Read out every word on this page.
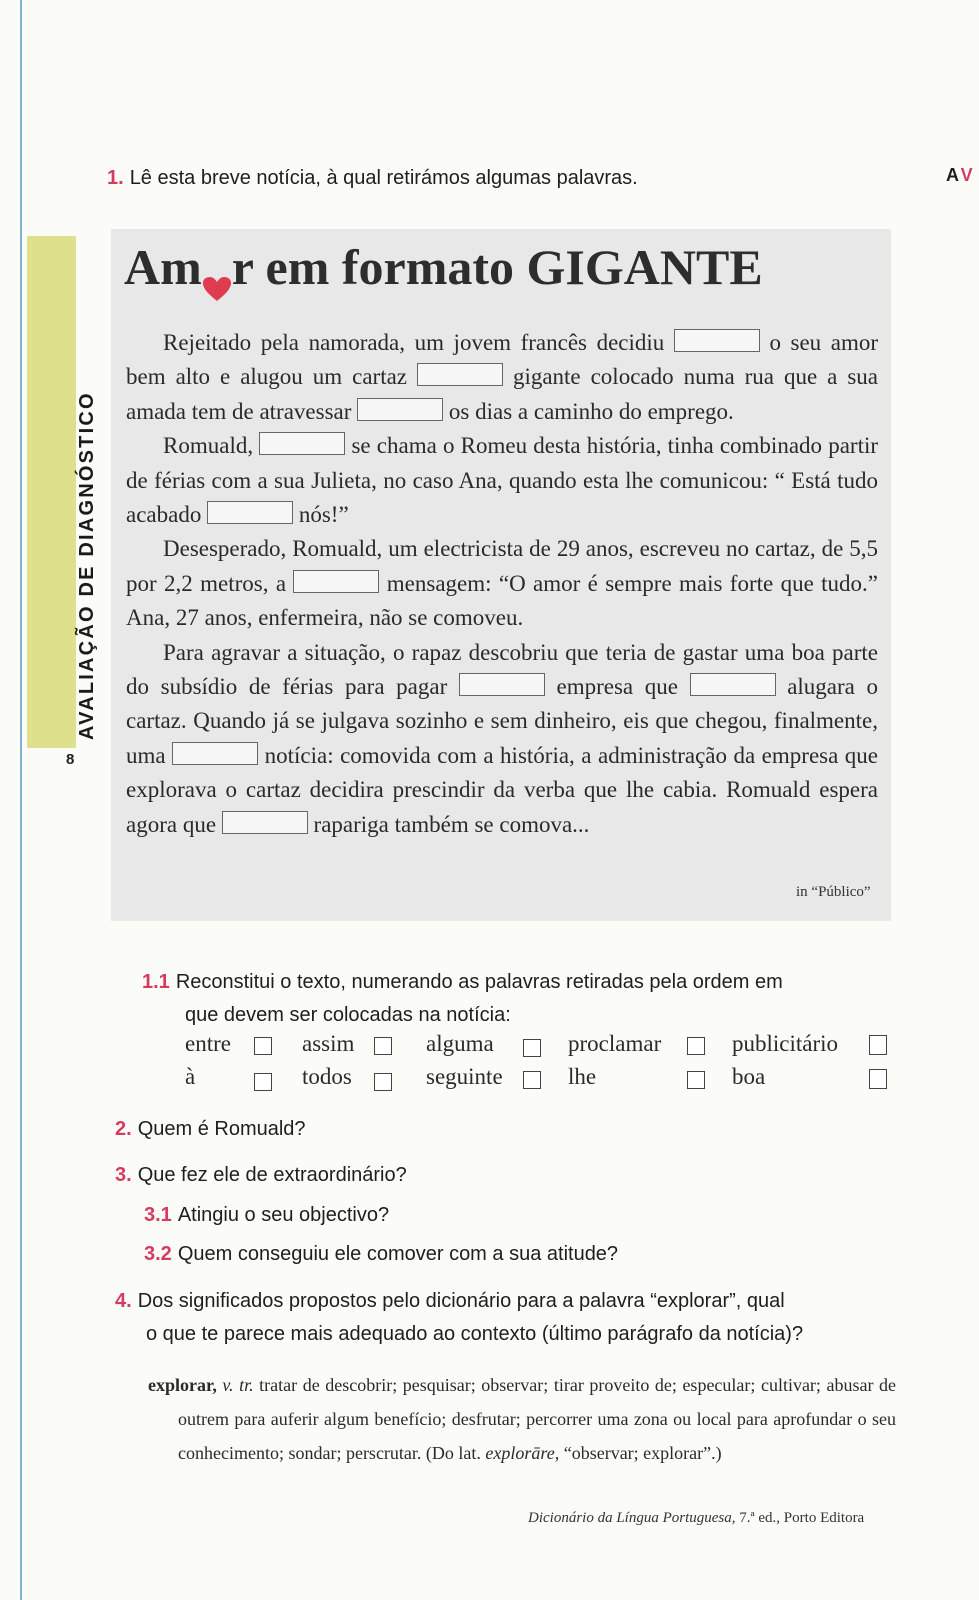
AVALIAÇÃO DE DIAGNÓSTICO
8
AV
1. Lê esta breve notícia, à qual retirámos algumas palavras.
Am r em formato GIGANTE

Rejeitado pela namorada, um jovem francês decidiu	o seu amor bem alto e alugou um cartaz	gigante colocado numa rua que a sua amada tem de atravessar	os dias a caminho do emprego.

Romuald,	se chama o Romeu desta história, tinha combinado partir de férias com a sua Julieta, no caso Ana, quando esta lhe comunicou: “ Está tudo acabado	nós!”

Desesperado, Romuald, um electricista de 29 anos, escreveu no cartaz, de 5,5 por 2,2 metros, a	mensagem: “O amor é sempre mais forte que tudo.” Ana, 27 anos, enfermeira, não se comoveu.

Para agravar a situação, o rapaz descobriu que teria de gastar uma boa parte do subsídio de férias para pagar	empresa que	alugara o cartaz. Quando já se julgava sozinho e sem dinheiro, eis que chegou, finalmente, uma	notícia: comovida com a história, a administração da empresa que explorava o cartaz decidira prescindir da verba que lhe cabia. Romuald espera agora que	rapariga também se comova...

in “Público”
1.1 Reconstitui o texto, numerando as palavras retiradas pela ordem em
que devem ser colocadas na notícia:
entre	assim	alguma	proclamar	publicitário
à	todos	seguinte	lhe	boa
2. Quem é Romuald?
3. Que fez ele de extraordinário?
3.1 Atingiu o seu objectivo?
3.2 Quem conseguiu ele comover com a sua atitude?
4. Dos significados propostos pelo dicionário para a palavra “explorar”, qual
o que te parece mais adequado ao contexto (último parágrafo da notícia)?
explorar, v. tr. tratar de descobrir; pesquisar; observar; tirar proveito de; especular; cultivar; abusar de outrem para auferir algum benefício; desfrutar; percorrer uma zona ou local para aprofundar o seu conhecimento; sondar; perscrutar. (Do lat. explorāre, “observar; explorar”.)
Dicionário da Língua Portuguesa, 7.ª ed., Porto Editora
